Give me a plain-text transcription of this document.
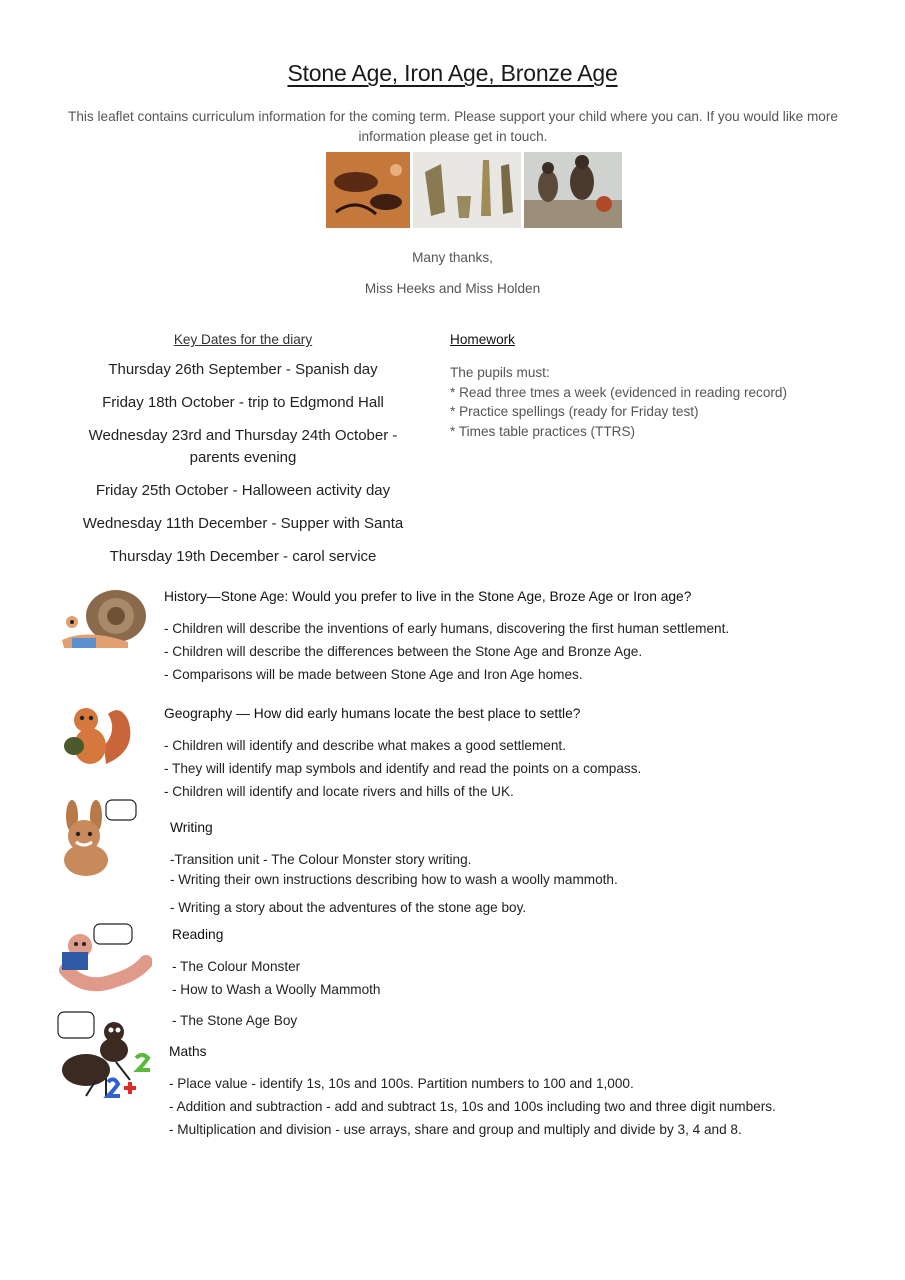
Stone Age, Iron Age, Bronze Age
This leaflet contains curriculum information for the coming term. Please support your child where you can. If you would like more information please get in touch.
Many thanks,
Miss Heeks and Miss Holden
Key Dates for the diary
Thursday 26th September - Spanish day
Friday 18th October - trip to Edgmond Hall
Wednesday 23rd and Thursday 24th October - parents evening
Friday 25th October - Halloween activity day
Wednesday 11th December - Supper with Santa
Thursday 19th December - carol service
Homework
The pupils must:
* Read three tmes a week (evidenced in reading record)
* Practice spellings (ready for Friday test)
* Times table practices (TTRS)
History—Stone Age: Would you prefer to live in the Stone Age, Broze Age or Iron age?
- Children will describe the inventions of early humans, discovering the first human settlement.
- Children will describe the differences between the Stone Age and Bronze Age.
- Comparisons will be made between Stone Age and Iron Age homes.
Geography — How did early humans locate the best place to settle?
- Children will identify and describe what makes a good settlement.
- They will identify map symbols and identify and read the points on a compass.
- Children will identify and locate rivers and hills of the UK.
Writing
-Transition unit - The Colour Monster story writing.
- Writing their own instructions describing how to wash a woolly mammoth.
- Writing a story about the adventures of the stone age boy.
Reading
- The Colour Monster
- How to Wash a Woolly Mammoth
- The Stone Age Boy
Maths
- Place value - identify 1s, 10s and 100s. Partition numbers to 100 and 1,000.
- Addition and subtraction - add and subtract 1s, 10s and 100s including two and three digit numbers.
- Multiplication and division - use arrays, share and group and multiply and divide by 3, 4 and 8.
